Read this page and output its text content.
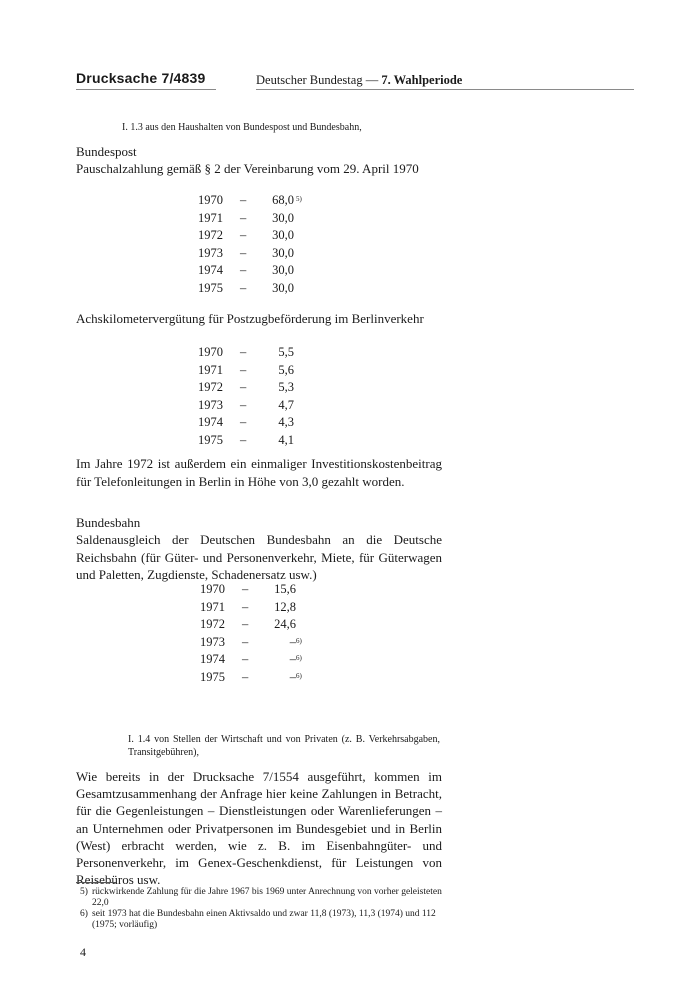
Drucksache 7/4839	Deutscher Bundestag — 7. Wahlperiode
I. 1.3 aus den Haushalten von Bundespost und Bundesbahn,
Bundespost
Pauschalzahlung gemäß § 2 der Vereinbarung vom 29. April 1970
1970 –	68,0 5)
1971 –	30,0
1972 –	30,0
1973 –	30,0
1974 –	30,0
1975 –	30,0
Achskilometervergütung für Postzugbeförderung im Berlinverkehr
1970 –	5,5
1971 –	5,6
1972 –	5,3
1973 –	4,7
1974 –	4,3
1975 –	4,1
Im Jahre 1972 ist außerdem ein einmaliger Investitionskostenbeitrag für Telefonleitungen in Berlin in Höhe von 3,0 gezahlt worden.
Bundesbahn
Saldenausgleich der Deutschen Bundesbahn an die Deutsche Reichsbahn (für Güter- und Personenverkehr, Miete, für Güterwagen und Paletten, Zugdienste, Schadenersatz usw.)
1970 –	15,6
1971 –	12,8
1972 –	24,6
1973 –	– 6)
1974 –	– 6)
1975 –	– 6)
I. 1.4 von Stellen der Wirtschaft und von Privaten (z. B. Verkehrsabgaben, Transitgebühren),
Wie bereits in der Drucksache 7/1554 ausgeführt, kommen im Gesamtzusammenhang der Anfrage hier keine Zahlungen in Betracht, für die Gegenleistungen – Dienstleistungen oder Warenlieferungen – an Unternehmen oder Privatpersonen im Bundesgebiet und in Berlin (West) erbracht werden, wie z. B. im Eisenbahngüter- und Personenverkehr, im Genex-Geschenkdienst, für Leistungen von Reisebüros usw.
5) rückwirkende Zahlung für die Jahre 1967 bis 1969 unter Anrechnung von vorher geleisteten 22,0
6) seit 1973 hat die Bundesbahn einen Aktivsaldo und zwar 11,8 (1973), 11,3 (1974) und 112 (1975; vorläufig)
4
